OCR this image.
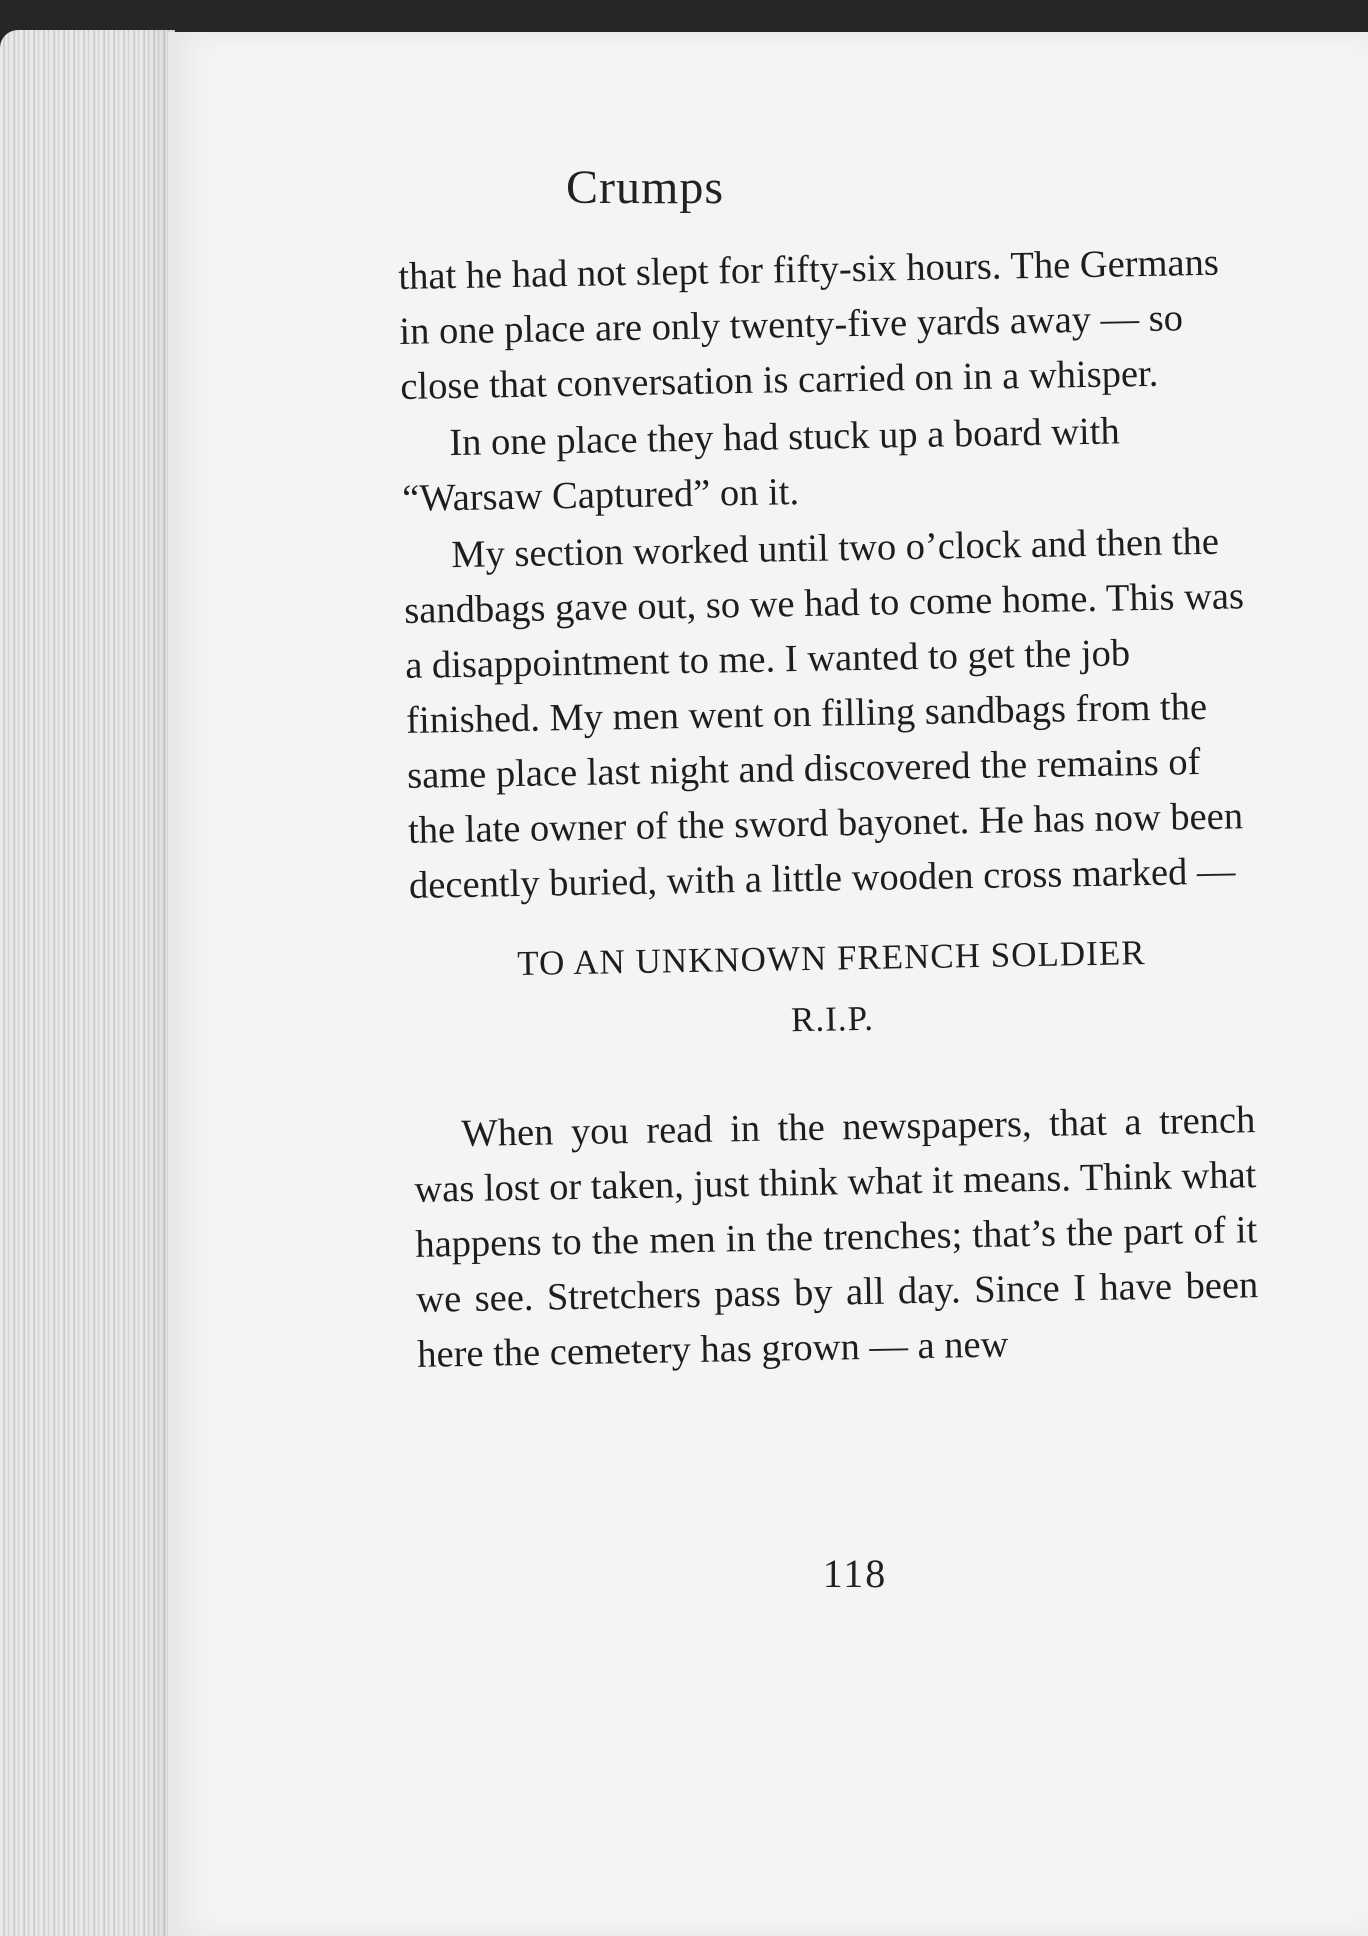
Crumps

that he had not slept for fifty-six hours. The Germans in one place are only twenty-five yards away — so close that conversation is carried on in a whisper.

In one place they had stuck up a board with “Warsaw Captured” on it.

My section worked until two o’clock and then the sandbags gave out, so we had to come home. This was a disappointment to me. I wanted to get the job finished. My men went on filling sandbags from the same place last night and discovered the remains of the late owner of the sword bayonet. He has now been decently buried, with a little wooden cross marked —

TO AN UNKNOWN FRENCH SOLDIER

R.I.P.

When you read in the newspapers, that a trench was lost or taken, just think what it means. Think what happens to the men in the trenches; that’s the part of it we see. Stretchers pass by all day. Since I have been here the cemetery has grown — a new

118
